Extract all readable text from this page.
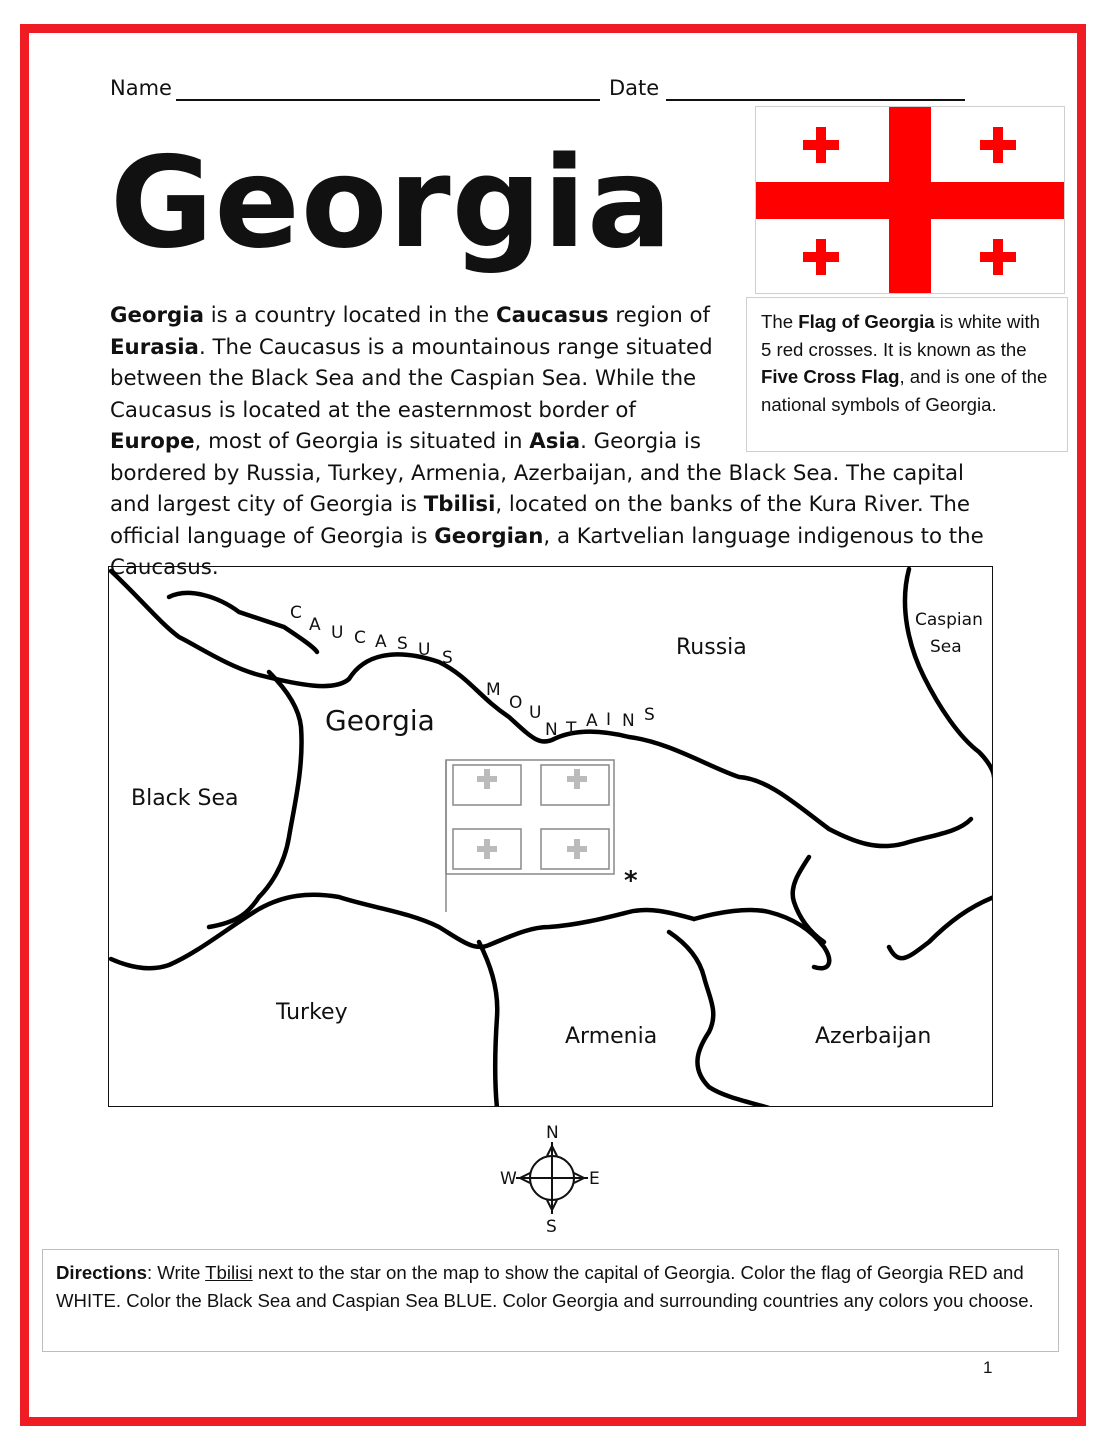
Name	Date
Georgia
The Flag of Georgia is white with 5 red crosses. It is known as the Five Cross Flag, and is one of the national symbols of Georgia.
Georgia is a country located in the Caucasus region of Eurasia. The Caucasus is a mountainous range situated between the Black Sea and the Caspian Sea. While the Caucasus is located at the easternmost border of Europe, most of Georgia is situated in Asia. Georgia is bordered by Russia, Turkey, Armenia, Azerbaijan, and the Black Sea. The capital and largest city of Georgia is Tbilisi, located on the banks of the Kura River. The official language of Georgia is Georgian, a Kartvelian language indigenous to the Caucasus.
Russia
Georgia
Black Sea
Caspian
Sea
Turkey
Armenia	Azerbaijan
*
C
A U C A S U S
M
O U
N T A I N S
N
S
E
W
Directions: Write Tbilisi next to the star on the map to show the capital of Georgia. Color the flag of Georgia RED and WHITE. Color the Black Sea and Caspian Sea BLUE. Color Georgia and surrounding countries any colors you choose.
1
